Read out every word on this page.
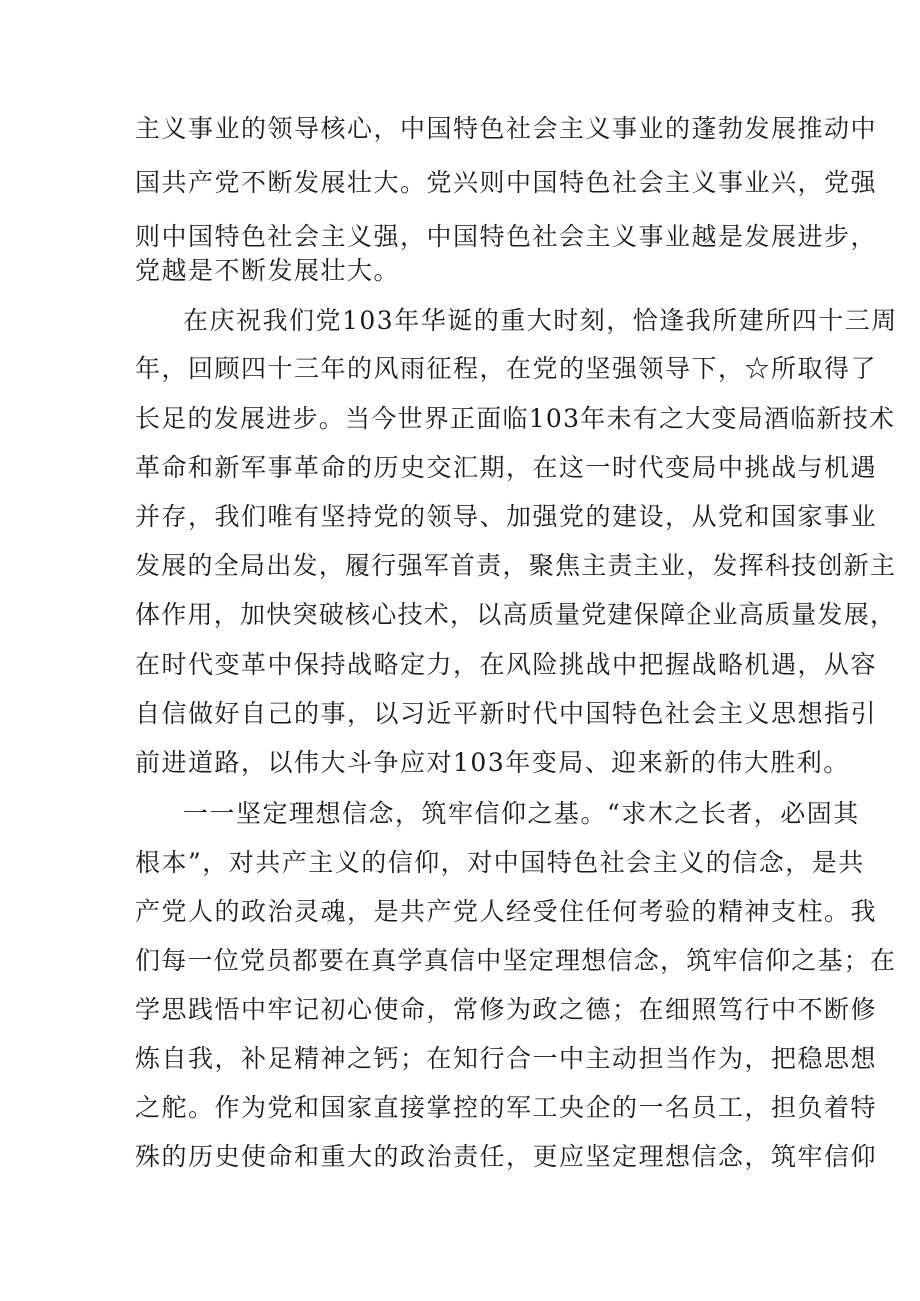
主义事业的领导核心，中国特色社会主义事业的蓬勃发展推动中
国共产党不断发展壮大。党兴则中国特色社会主义事业兴，党强
则中国特色社会主义强，中国特色社会主义事业越是发展进步，
党越是不断发展壮大。
在庆祝我们党103年华诞的重大时刻，恰逢我所建所四十三周
年，回顾四十三年的风雨征程，在党的坚强领导下，☆所取得了
长足的发展进步。当今世界正面临103年未有之大变局酒临新技术
革命和新军事革命的历史交汇期，在这一时代变局中挑战与机遇
并存，我们唯有坚持党的领导、加强党的建设，从党和国家事业
发展的全局出发，履行强军首责，聚焦主责主业，发挥科技创新主
体作用，加快突破核心技术，以高质量党建保障企业高质量发展，
在时代变革中保持战略定力，在风险挑战中把握战略机遇，从容
自信做好自己的事，以习近平新时代中国特色社会主义思想指引
前进道路，以伟大斗争应对103年变局、迎来新的伟大胜利。
一一坚定理想信念，筑牢信仰之基。“求木之长者，必固其
根本”，对共产主义的信仰，对中国特色社会主义的信念，是共
产党人的政治灵魂，是共产党人经受住任何考验的精神支柱。我
们每一位党员都要在真学真信中坚定理想信念，筑牢信仰之基；在
学思践悟中牢记初心使命，常修为政之德；在细照笃行中不断修
炼自我，补足精神之钙；在知行合一中主动担当作为，把稳思想
之舵。作为党和国家直接掌控的军工央企的一名员工，担负着特
殊的历史使命和重大的政治责任，更应坚定理想信念，筑牢信仰
